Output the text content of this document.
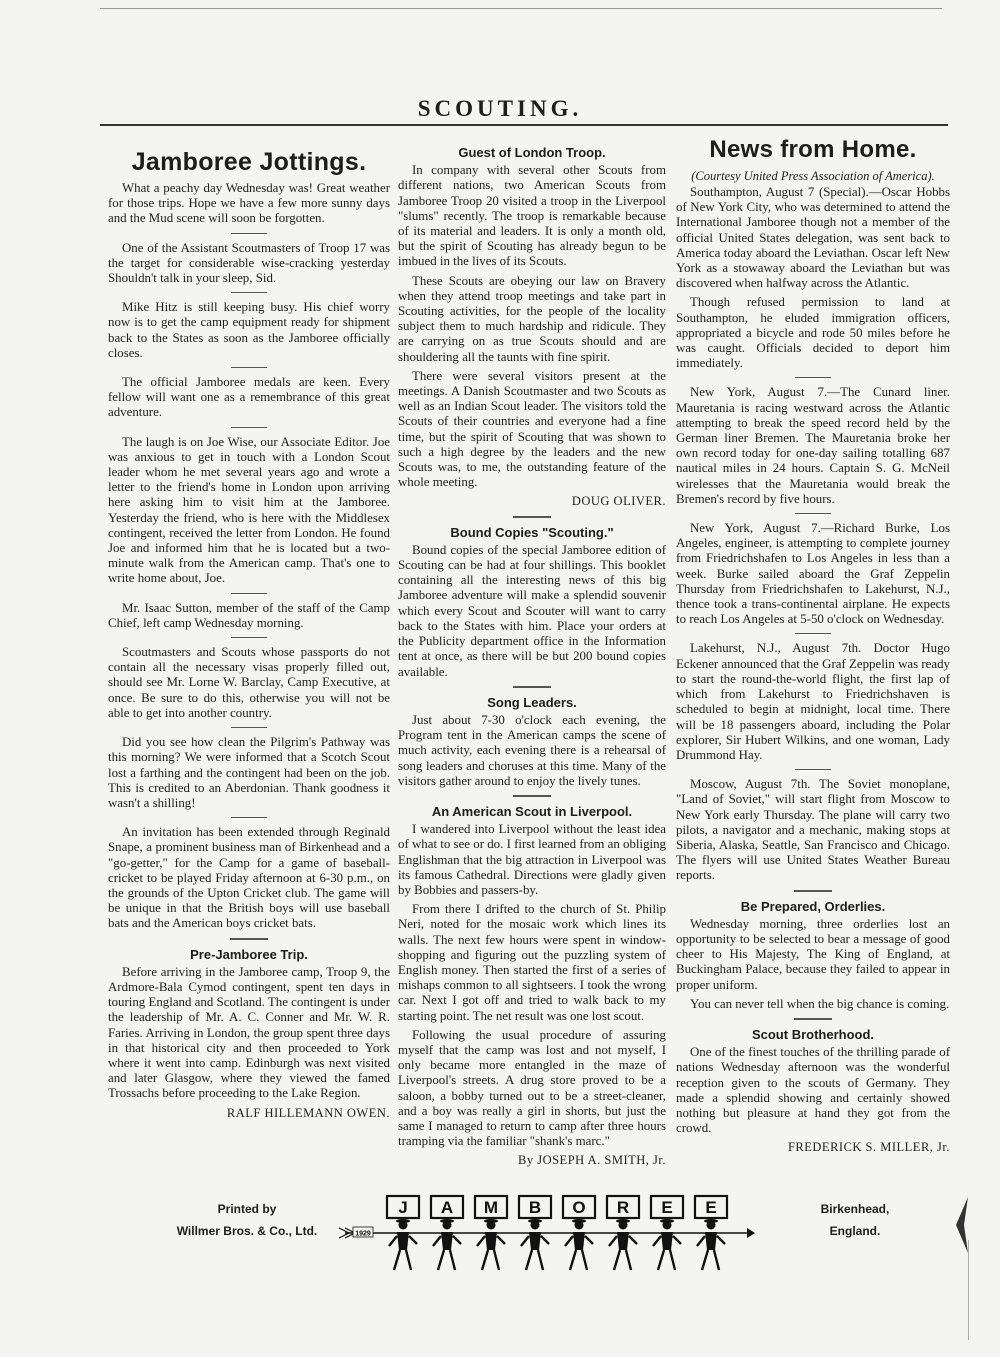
SCOUTING.
Jamboree Jottings.

What a peachy day Wednesday was! Great weather for those trips. Hope we have a few more sunny days and the Mud scene will soon be forgotten.

One of the Assistant Scoutmasters of Troop 17 was the target for considerable wise-cracking yesterday Shouldn't talk in your sleep, Sid.

Mike Hitz is still keeping busy. His chief worry now is to get the camp equipment ready for shipment back to the States as soon as the Jamboree officially closes.

The official Jamboree medals are keen. Every fellow will want one as a remembrance of this great adventure.

The laugh is on Joe Wise, our Associate Editor. Joe was anxious to get in touch with a London Scout leader whom he met several years ago and wrote a letter to the friend's home in London upon arriving here asking him to visit him at the Jamboree. Yesterday the friend, who is here with the Middlesex contingent, received the letter from London. He found Joe and informed him that he is located but a two-minute walk from the American camp. That's one to write home about, Joe.

Mr. Isaac Sutton, member of the staff of the Camp Chief, left camp Wednesday morning.

Scoutmasters and Scouts whose passports do not contain all the necessary visas properly filled out, should see Mr. Lorne W. Barclay, Camp Executive, at once. Be sure to do this, otherwise you will not be able to get into another country.

Did you see how clean the Pilgrim's Pathway was this morning? We were informed that a Scotch Scout lost a farthing and the contingent had been on the job. This is credited to an Aberdonian. Thank goodness it wasn't a shilling!

An invitation has been extended through Reginald Snape, a prominent business man of Birkenhead and a "go-getter," for the Camp for a game of baseball-cricket to be played Friday afternoon at 6-30 p.m., on the grounds of the Upton Cricket club. The game will be unique in that the British boys will use baseball bats and the American boys cricket bats.

Pre-Jamboree Trip.

Before arriving in the Jamboree camp, Troop 9, the Ardmore-Bala Cymod contingent, spent ten days in touring England and Scotland. The contingent is under the leadership of Mr. A. C. Conner and Mr. W. R. Faries. Arriving in London, the group spent three days in that historical city and then proceeded to York where it went into camp. Edinburgh was next visited and later Glasgow, where they viewed the famed Trossachs before proceeding to the Lake Region.

RALF HILLEMANN OWEN.
Guest of London Troop.

In company with several other Scouts from different nations, two American Scouts from Jamboree Troop 20 visited a troop in the Liverpool "slums" recently. The troop is remarkable because of its material and leaders. It is only a month old, but the spirit of Scouting has already begun to be imbued in the lives of its Scouts.

These Scouts are obeying our law on Bravery when they attend troop meetings and take part in Scouting activities, for the people of the locality subject them to much hardship and ridicule. They are carrying on as true Scouts should and are shouldering all the taunts with fine spirit.

There were several visitors present at the meetings. A Danish Scoutmaster and two Scouts as well as an Indian Scout leader. The visitors told the Scouts of their countries and everyone had a fine time, but the spirit of Scouting that was shown to such a high degree by the leaders and the new Scouts was, to me, the outstanding feature of the whole meeting.

DOUG OLIVER.
Bound Copies "Scouting."

Bound copies of the special Jamboree edition of Scouting can be had at four shillings. This booklet containing all the interesting news of this big Jamboree adventure will make a splendid souvenir which every Scout and Scouter will want to carry back to the States with him. Place your orders at the Publicity department office in the Information tent at once, as there will be but 200 bound copies available.

Song Leaders.

Just about 7-30 o'clock each evening, the Program tent in the American camps the scene of much activity, each evening there is a rehearsal of song leaders and choruses at this time. Many of the visitors gather around to enjoy the lively tunes.

An American Scout in Liverpool.

I wandered into Liverpool without the least idea of what to see or do. I first learned from an obliging Englishman that the big attraction in Liverpool was its famous Cathedral. Directions were gladly given by Bobbies and passers-by.

From there I drifted to the church of St. Philip Neri, noted for the mosaic work which lines its walls. The next few hours were spent in window-shopping and figuring out the puzzling system of English money. Then started the first of a series of mishaps common to all sightseers. I took the wrong car. Next I got off and tried to walk back to my starting point. The net result was one lost scout.

Following the usual procedure of assuring myself that the camp was lost and not myself, I only became more entangled in the maze of Liverpool's streets. A drug store proved to be a saloon, a bobby turned out to be a street-cleaner, and a boy was really a girl in shorts, but just the same I managed to return to camp after three hours tramping via the familiar "shank's marc."

By JOSEPH A. SMITH, Jr.
News from Home.
(Courtesy United Press Association of America).

Southampton, August 7 (Special).—Oscar Hobbs of New York City, who was determined to attend the International Jamboree though not a member of the official United States delegation, was sent back to America today aboard the Leviathan. Oscar left New York as a stowaway aboard the Leviathan but was discovered when halfway across the Atlantic.

Though refused permission to land at Southampton, he eluded immigration officers, appropriated a bicycle and rode 50 miles before he was caught. Officials decided to deport him immediately.

New York, August 7.—The Cunard liner. Mauretania is racing westward across the Atlantic attempting to break the speed record held by the German liner Bremen. The Mauretania broke her own record today for one-day sailing totalling 687 nautical miles in 24 hours. Captain S. G. McNeil wirelesses that the Mauretania would break the Bremen's record by five hours.

New York, August 7.—Richard Burke, Los Angeles, engineer, is attempting to complete journey from Friedrichshafen to Los Angeles in less than a week. Burke sailed aboard the Graf Zeppelin Thursday from Friedrichshafen to Lakehurst, N.J., thence took a trans-continental airplane. He expects to reach Los Angeles at 5-50 o'clock on Wednesday.

Lakehurst, N.J., August 7th. Doctor Hugo Eckener announced that the Graf Zeppelin was ready to start the round-the-world flight, the first lap of which from Lakehurst to Friedrichshaven is scheduled to begin at midnight, local time. There will be 18 passengers aboard, including the Polar explorer, Sir Hubert Wilkins, and one woman, Lady Drummond Hay.

Moscow, August 7th. The Soviet monoplane, "Land of Soviet," will start flight from Moscow to New York early Thursday. The plane will carry two pilots, a navigator and a mechanic, making stops at Siberia, Alaska, Seattle, San Francisco and Chicago. The flyers will use United States Weather Bureau reports.

Be Prepared, Orderlies.

Wednesday morning, three orderlies lost an opportunity to be selected to bear a message of good cheer to His Majesty, The King of England, at Buckingham Palace, because they failed to appear in proper uniform.

You can never tell when the big chance is coming.

Scout Brotherhood.

One of the finest touches of the thrilling parade of nations Wednesday afternoon was the wonderful reception given to the scouts of Germany. They made a splendid showing and certainly showed nothing but pleasure at hand they got from the crowd.

FREDERICK S. MILLER, Jr.
Printed by
Willmer Bros. & Co., Ltd.
J A M B O R E E
1929
Birkenhead,
England.
